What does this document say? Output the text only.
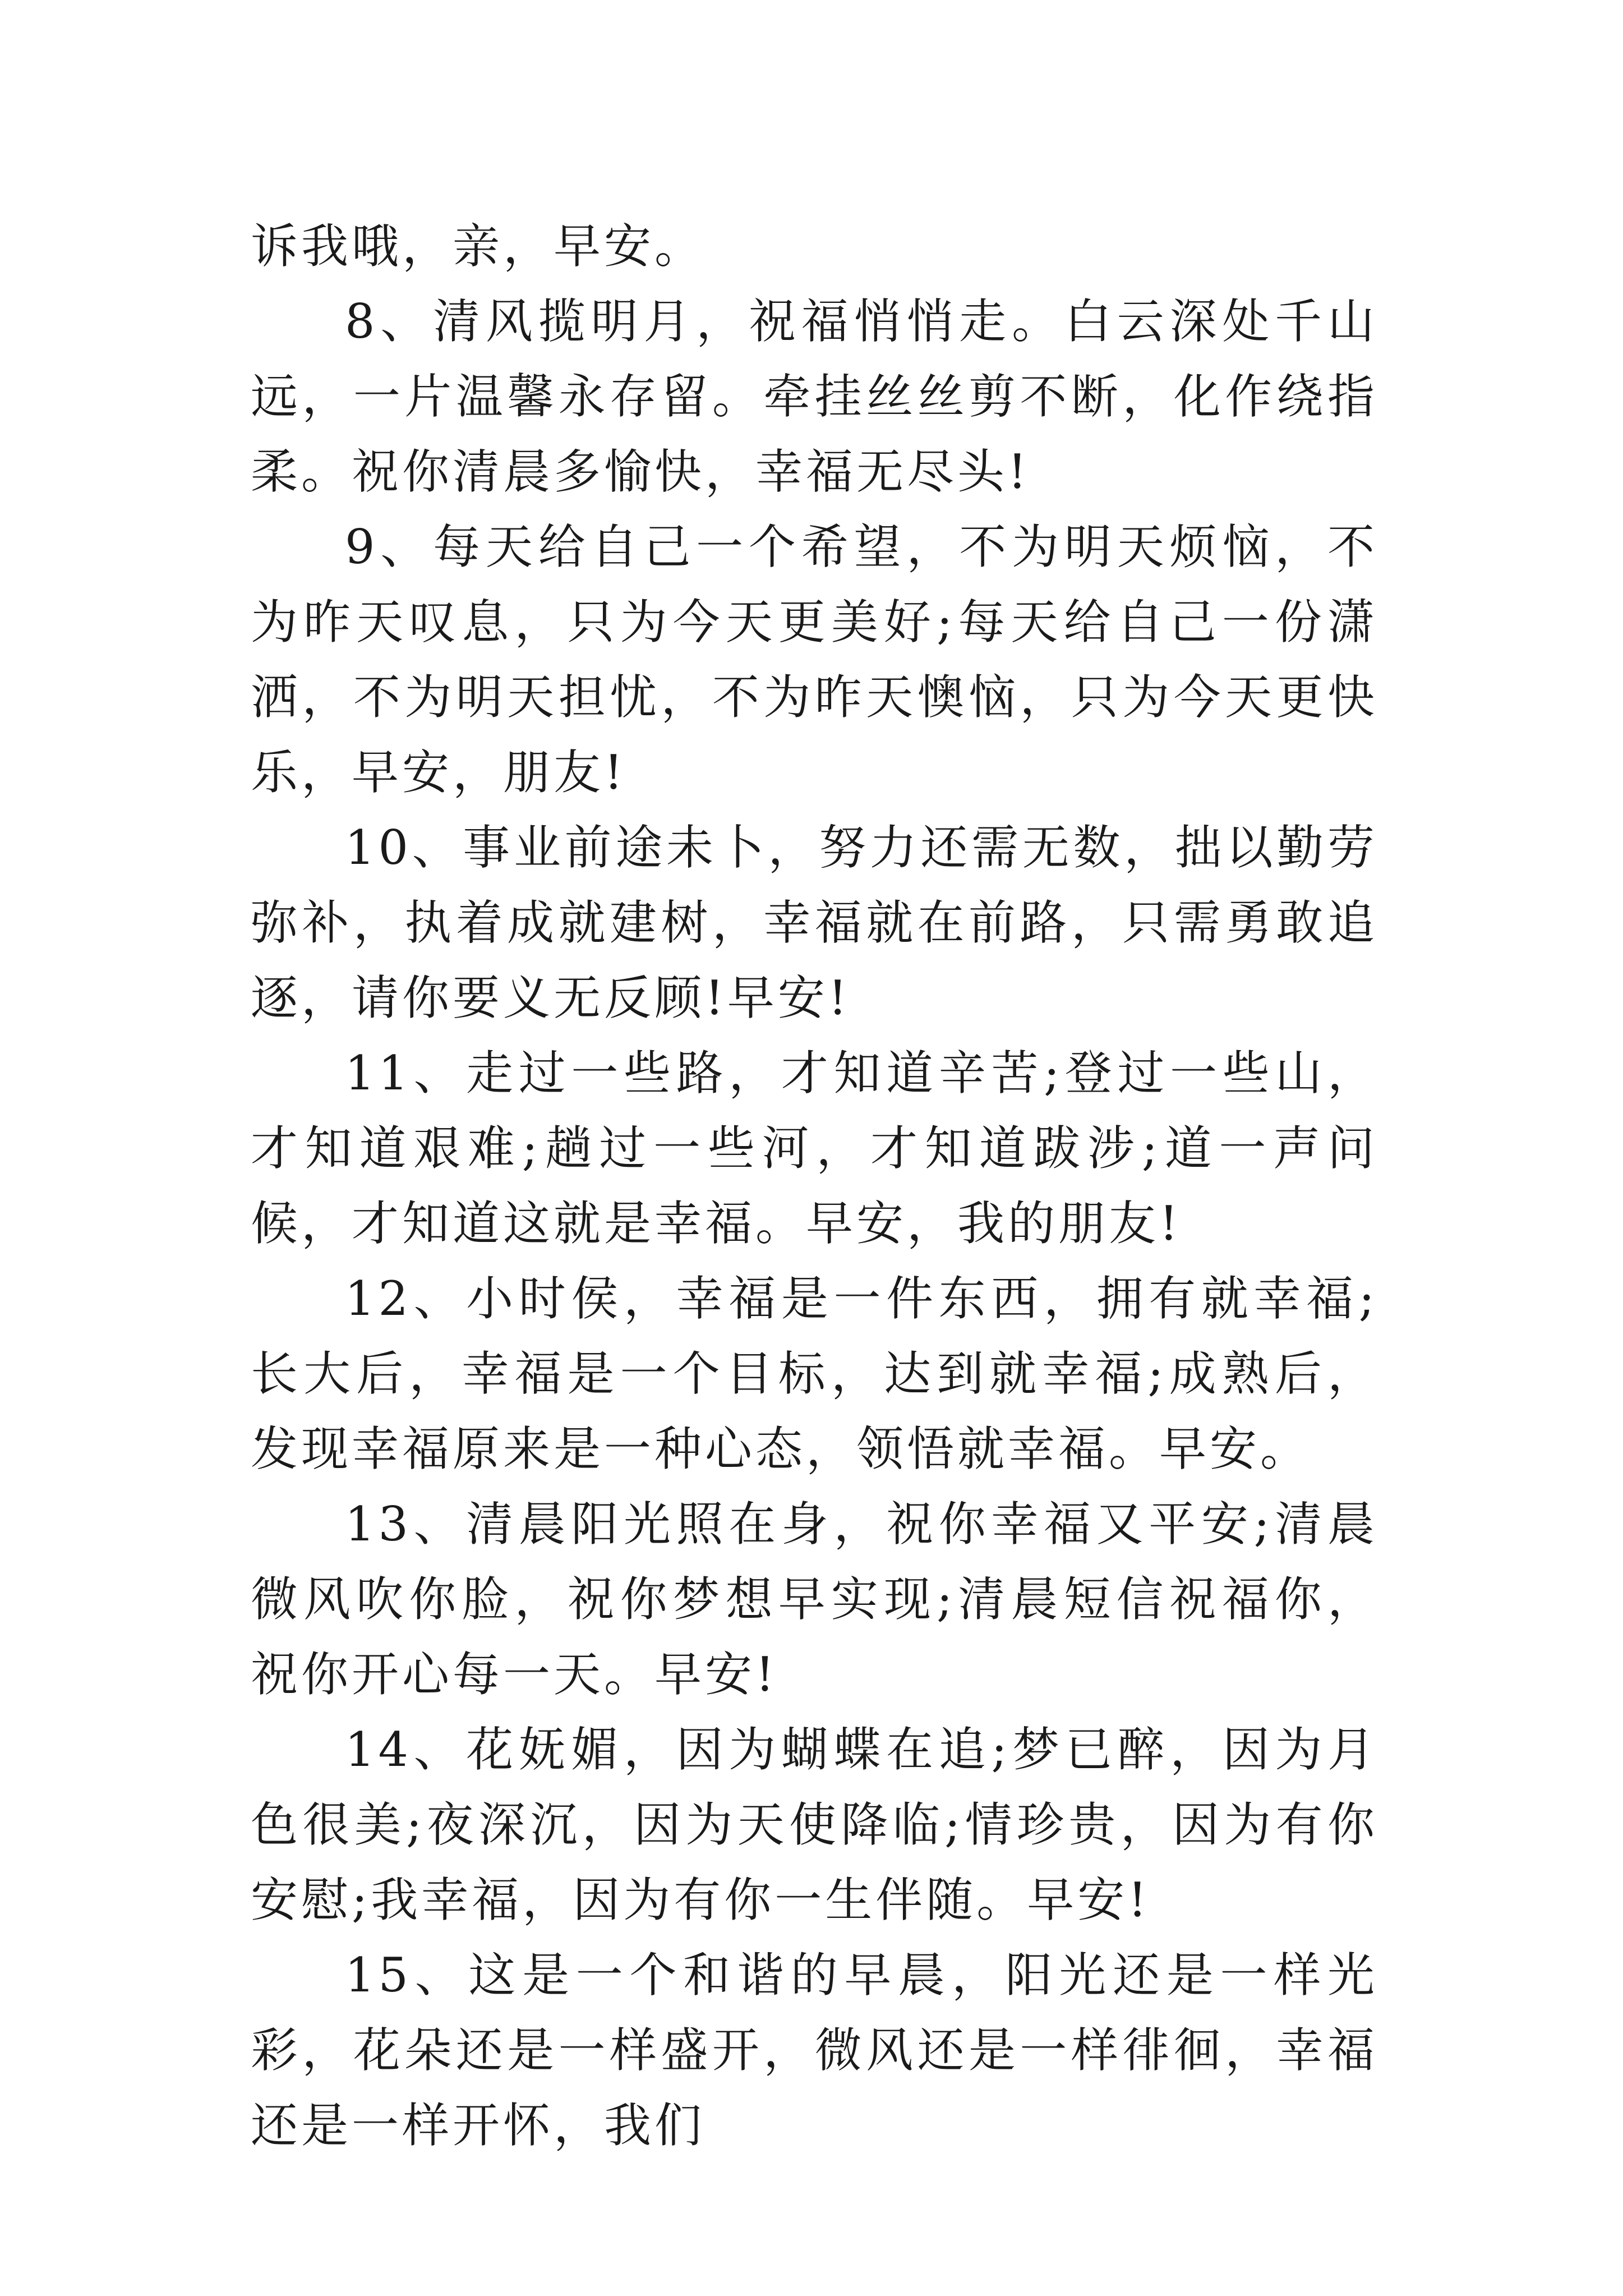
诉我哦，亲，早安。

8、清风揽明月，祝福悄悄走。白云深处千山远，一片温馨永存留。牵挂丝丝剪不断，化作绕指柔。祝你清晨多愉快，幸福无尽头!

9、每天给自己一个希望，不为明天烦恼，不为昨天叹息，只为今天更美好;每天给自己一份潇洒，不为明天担忧，不为昨天懊恼，只为今天更快乐，早安，朋友!

10、事业前途未卜，努力还需无数，拙以勤劳弥补，执着成就建树，幸福就在前路，只需勇敢追逐，请你要义无反顾!早安!

11、走过一些路，才知道辛苦;登过一些山，才知道艰难;趟过一些河，才知道跋涉;道一声问候，才知道这就是幸福。早安，我的朋友!

12、小时侯，幸福是一件东西，拥有就幸福;长大后，幸福是一个目标，达到就幸福;成熟后，发现幸福原来是一种心态，领悟就幸福。早安。

13、清晨阳光照在身，祝你幸福又平安;清晨微风吹你脸，祝你梦想早实现;清晨短信祝福你，祝你开心每一天。早安!

14、花妩媚，因为蝴蝶在追;梦已醉，因为月色很美;夜深沉，因为天使降临;情珍贵，因为有你安慰;我幸福，因为有你一生伴随。早安!

15、这是一个和谐的早晨，阳光还是一样光彩，花朵还是一样盛开，微风还是一样徘徊，幸福还是一样开怀，我们
